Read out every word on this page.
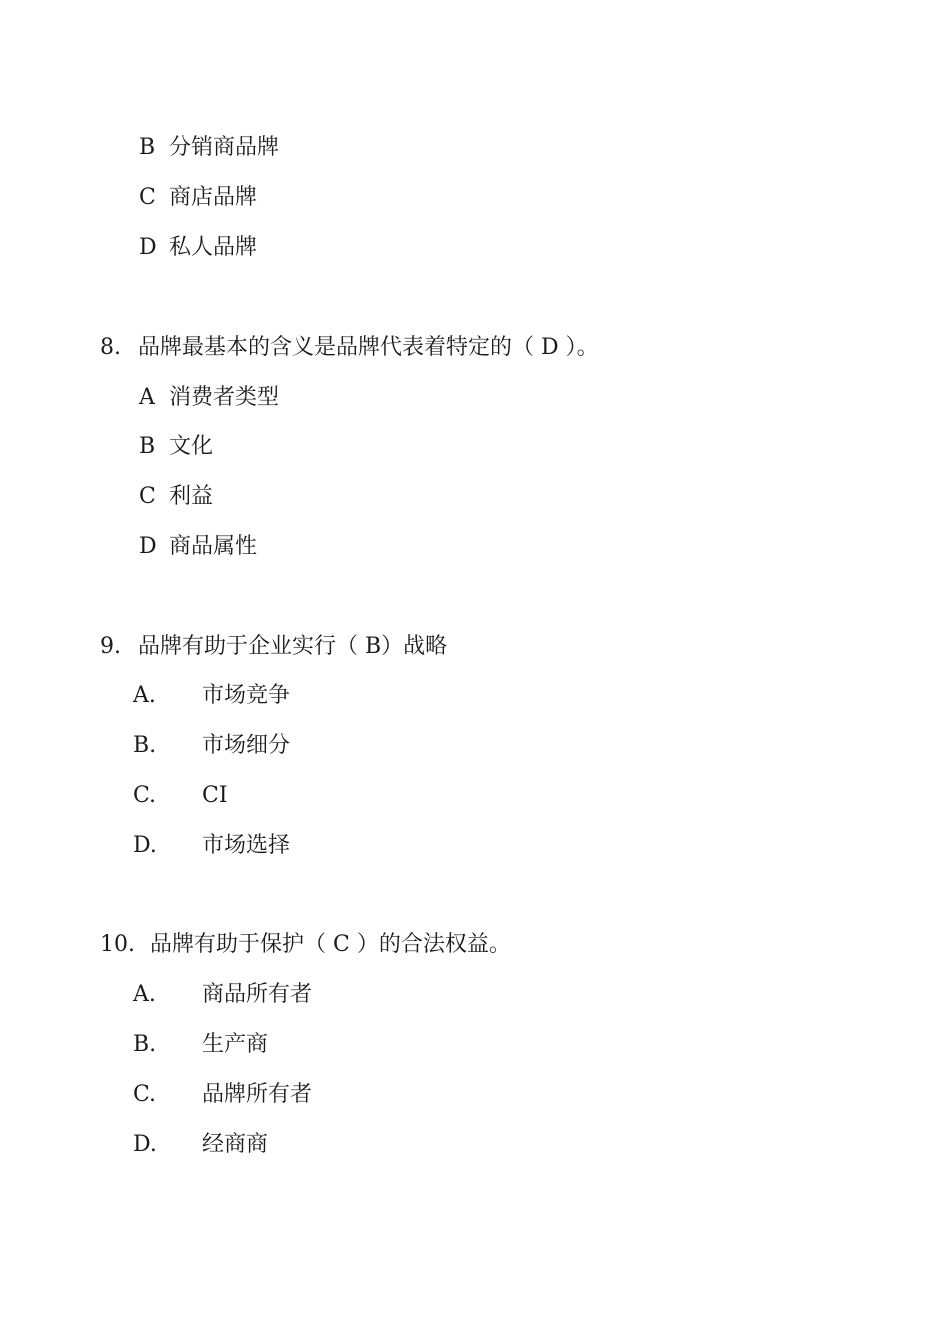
B 分销商品牌
C 商店品牌
D 私人品牌
8. 品牌最基本的含义是品牌代表着特定的（ D ）。
A 消费者类型
B 文化
C 利益
D 商品属性
9. 品牌有助于企业实行（ B）战略
A. 市场竞争
B. 市场细分
C. CI
D. 市场选择
10. 品牌有助于保护（ C ）的合法权益。
A. 商品所有者
B. 生产商
C. 品牌所有者
D. 经商商
